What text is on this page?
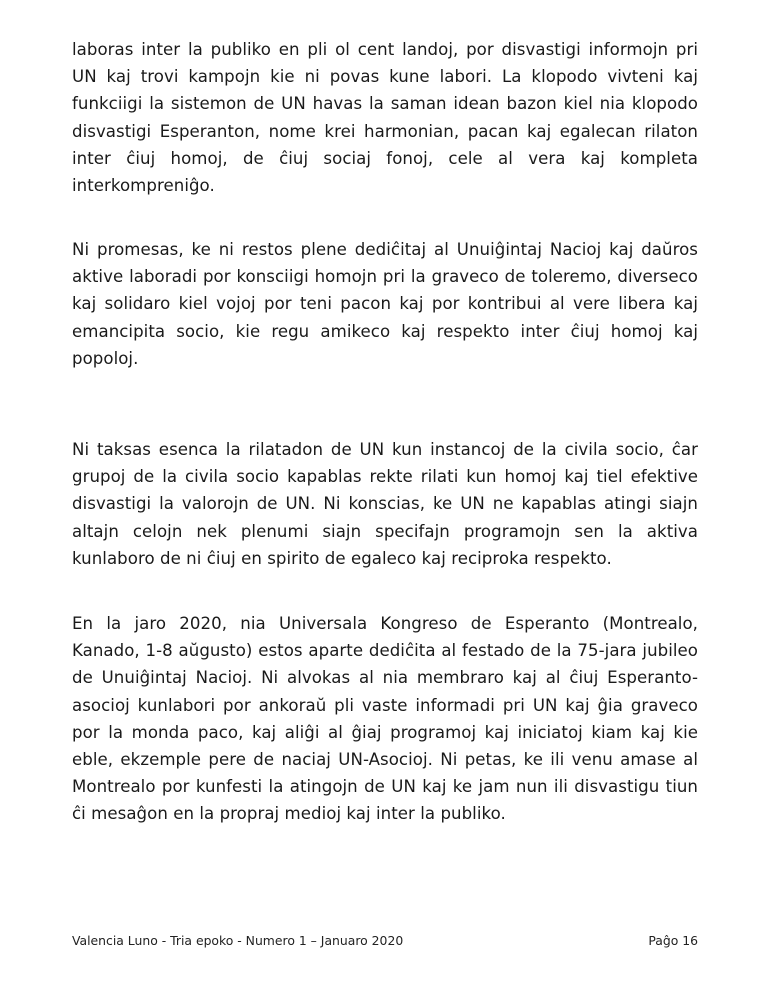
laboras inter la publiko en pli ol cent landoj, por disvastigi informojn pri UN kaj trovi kampojn kie ni povas kune labori. La klopodo vivteni kaj funkciigi la sistemon de UN havas la saman idean bazon kiel nia klopodo disvastigi Esperanton, nome krei harmonian, pacan kaj egalecan rilaton inter ĉiuj homoj, de ĉiuj sociaj fonoj, cele al vera kaj kompleta interkompreniĝo.

Ni promesas, ke ni restos plene dediĉitaj al Unuiĝintaj Nacioj kaj daŭros aktive laboradi por konsciigi homojn pri la graveco de toleremo, diverseco kaj solidaro kiel vojoj por teni pacon kaj por kontribui al vere libera kaj emancipita socio, kie regu amikeco kaj respekto inter ĉiuj homoj kaj popoloj.

Ni taksas esenca la rilatadon de UN kun instancoj de la civila socio, ĉar grupoj de la civila socio kapablas rekte rilati kun homoj kaj tiel efektive disvastigi la valorojn de UN. Ni konscias, ke UN ne kapablas atingi siajn altajn celojn nek plenumi siajn specifajn programojn sen la aktiva kunlaboro de ni ĉiuj en spirito de egaleco kaj reciproka respekto.

En la jaro 2020, nia Universala Kongreso de Esperanto (Montrealo, Kanado, 1-8 aŭgusto) estos aparte dediĉita al festado de la 75-jara jubileo de Unuiĝintaj Nacioj. Ni alvokas al nia membraro kaj al ĉiuj Esperanto-asocioj kunlabori por ankoraŭ pli vaste informadi pri UN kaj ĝia graveco por la monda paco, kaj aliĝi al ĝiaj programoj kaj iniciatoj kiam kaj kie eble, ekzemple pere de naciaj UN-Asocioj. Ni petas, ke ili venu amase al Montrealo por kunfesti la atingojn de UN kaj ke jam nun ili disvastigu tiun ĉi mesaĝon en la propraj medioj kaj inter la publiko.

Valencia Luno - Tria epoko - Numero 1 – Januaro 2020	Paĝo 16
